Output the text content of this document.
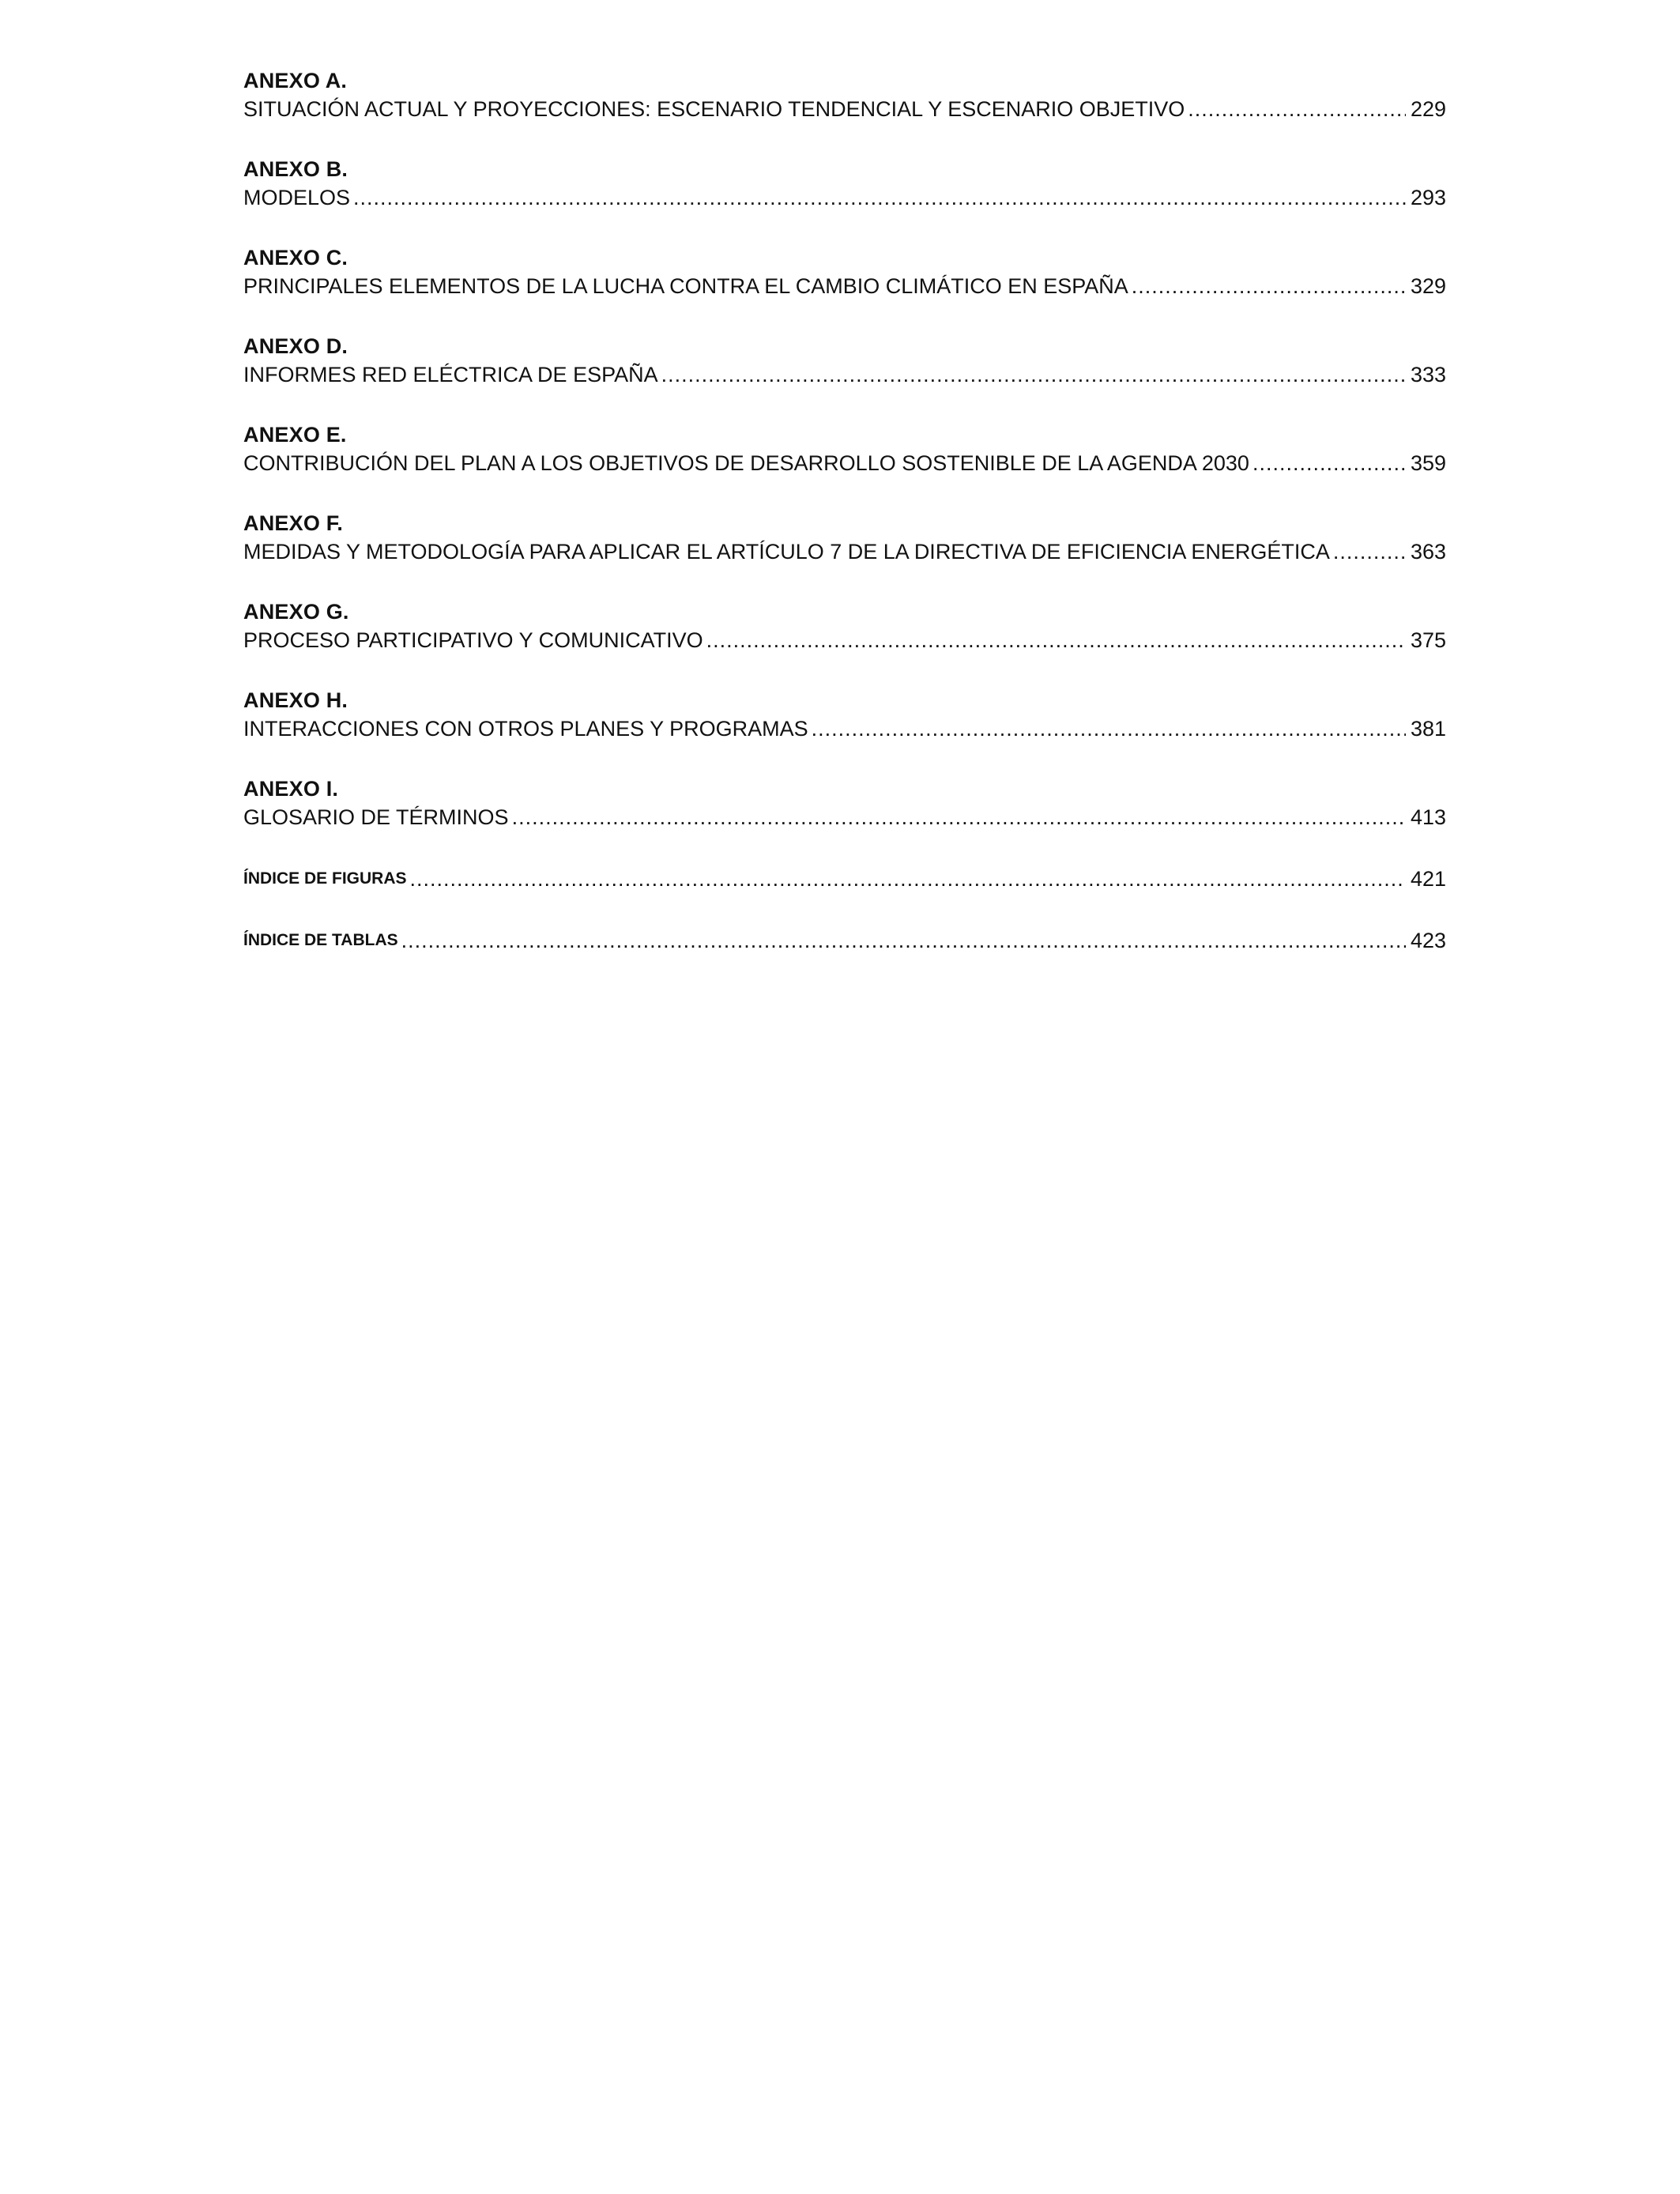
ANEXO A.
SITUACIÓN ACTUAL Y PROYECCIONES: ESCENARIO TENDENCIAL Y ESCENARIO OBJETIVO .....	229
ANEXO B.
MODELOS .....	293
ANEXO C.
PRINCIPALES ELEMENTOS DE LA LUCHA CONTRA EL CAMBIO CLIMÁTICO EN ESPAÑA .....	329
ANEXO D.
INFORMES RED ELÉCTRICA DE ESPAÑA .....	333
ANEXO E.
CONTRIBUCIÓN DEL PLAN A LOS OBJETIVOS DE DESARROLLO SOSTENIBLE DE LA AGENDA 2030 .....	359
ANEXO F.
MEDIDAS Y METODOLOGÍA PARA APLICAR EL ARTÍCULO 7 DE LA DIRECTIVA DE EFICIENCIA ENERGÉTICA .....	363
ANEXO G.
PROCESO PARTICIPATIVO Y COMUNICATIVO .....	375
ANEXO H.
INTERACCIONES CON OTROS PLANES Y PROGRAMAS .....	381
ANEXO I.
GLOSARIO DE TÉRMINOS .....	413
ÍNDICE DE FIGURAS .....	421
ÍNDICE DE TABLAS .....	423
